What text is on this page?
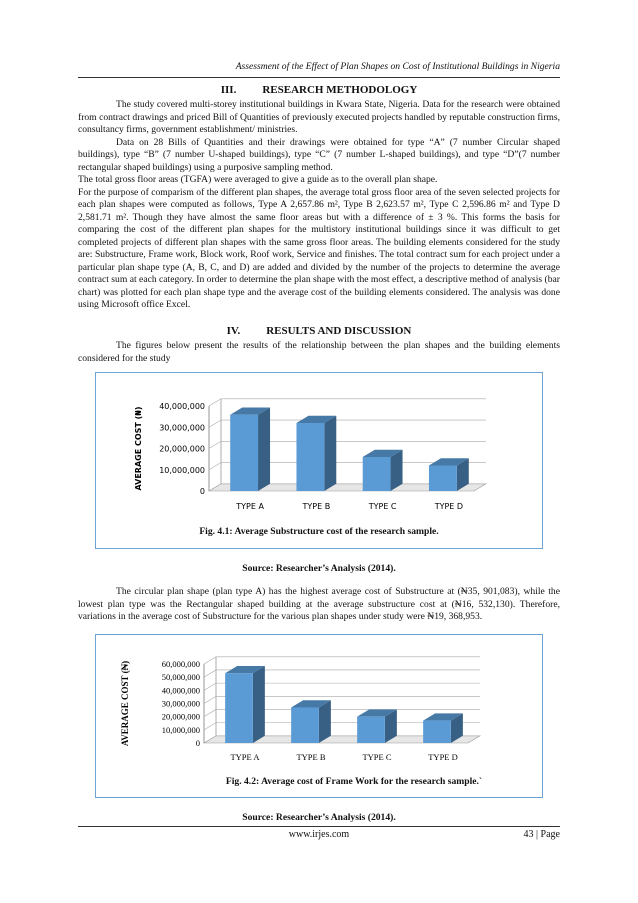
Assessment of the Effect of Plan Shapes on Cost of Institutional Buildings in Nigeria
III. RESEARCH METHODOLOGY

The study covered multi-storey institutional buildings in Kwara State, Nigeria. Data for the research were obtained from contract drawings and priced Bill of Quantities of previously executed projects handled by reputable construction firms, consultancy firms, government establishment/ ministries.

Data on 28 Bills of Quantities and their drawings were obtained for type “A” (7 number Circular shaped buildings), type “B” (7 number U-shaped buildings), type “C” (7 number L-shaped buildings), and type “D”(7 number rectangular shaped buildings) using a purposive sampling method.

The total gross floor areas (TGFA) were averaged to give a guide as to the overall plan shape.

For the purpose of comparism of the different plan shapes, the average total gross floor area of the seven selected projects for each plan shapes were computed as follows, Type A 2,657.86 m², Type B 2,623.57 m², Type C 2,596.86 m² and Type D 2,581.71 m². Though they have almost the same floor areas but with a difference of ± 3 %. This forms the basis for comparing the cost of the different plan shapes for the multistory institutional buildings since it was difficult to get completed projects of different plan shapes with the same gross floor areas. The building elements considered for the study are: Substructure, Frame work, Block work, Roof work, Service and finishes. The total contract sum for each project under a particular plan shape type (A, B, C, and D) are added and divided by the number of the projects to determine the average contract sum at each category. In order to determine the plan shape with the most effect, a descriptive method of analysis (bar chart) was plotted for each plan shape type and the average cost of the building elements considered. The analysis was done using Microsoft office Excel.

IV. RESULTS AND DISCUSSION

The figures below present the results of the relationship between the plan shapes and the building elements considered for the study

0
10,000,000
20,000,000
30,000,000
40,000,000
AVERAGE COST (₦)
TYPE A	TYPE B	TYPE C	TYPE D
Fig. 4.1: Average Substructure cost of the research sample.
Source: Researcher’s Analysis (2014).

The circular plan shape (plan type A) has the highest average cost of Substructure at (₦35, 901,083), while the lowest plan type was the Rectangular shaped building at the average substructure cost at (₦16, 532,130). Therefore, variations in the average cost of Substructure for the various plan shapes under study were ₦19, 368,953.

0
10,000,000
20,000,000
30,000,000
40,000,000
50,000,000
60,000,000
AVERAGE COST (₦)
TYPE A	TYPE B	TYPE C	TYPE D
Fig. 4.2: Average cost of Frame Work for the research sample.`
Source: Researcher’s Analysis (2014).
www.irjes.com	43 | Page
